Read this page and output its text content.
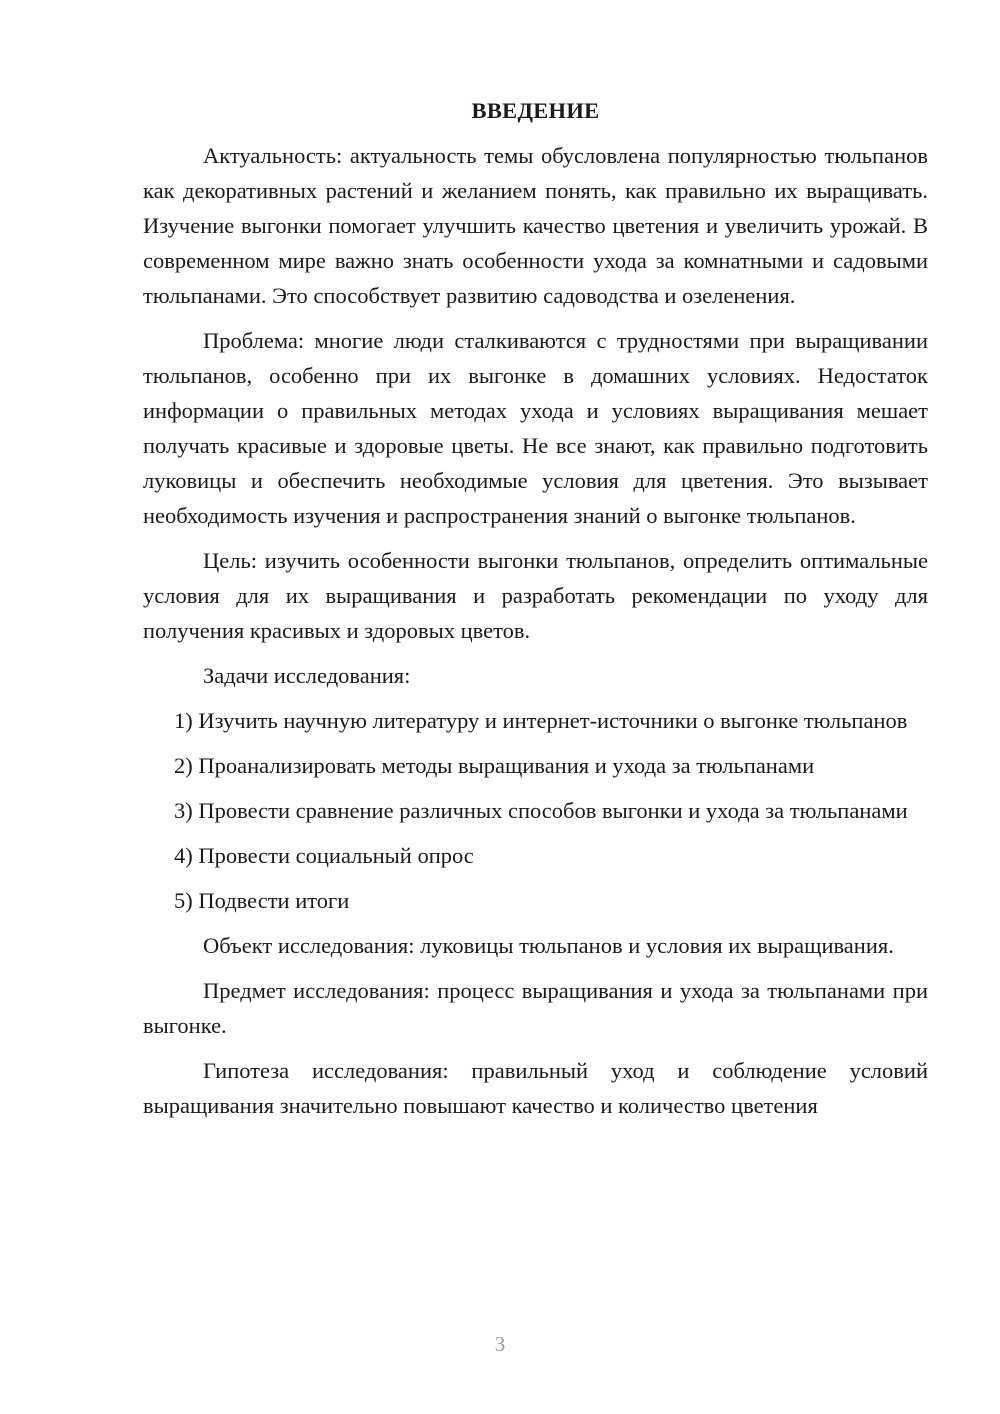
ВВЕДЕНИЕ

Актуальность: актуальность темы обусловлена популярностью тюльпанов как декоративных растений и желанием понять, как правильно их выращивать. Изучение выгонки помогает улучшить качество цветения и увеличить урожай. В современном мире важно знать особенности ухода за комнатными и садовыми тюльпанами. Это способствует развитию садоводства и озеленения.

Проблема: многие люди сталкиваются с трудностями при выращивании тюльпанов, особенно при их выгонке в домашних условиях. Недостаток информации о правильных методах ухода и условиях выращивания мешает получать красивые и здоровые цветы. Не все знают, как правильно подготовить луковицы и обеспечить необходимые условия для цветения. Это вызывает необходимость изучения и распространения знаний о выгонке тюльпанов.

Цель: изучить особенности выгонки тюльпанов, определить оптимальные условия для их выращивания и разработать рекомендации по уходу для получения красивых и здоровых цветов.

Задачи исследования:

1) Изучить научную литературу и интернет-источники о выгонке тюльпанов

2) Проанализировать методы выращивания и ухода за тюльпанами

3) Провести сравнение различных способов выгонки и ухода за тюльпанами

4) Провести социальный опрос

5) Подвести итоги

Объект исследования: луковицы тюльпанов и условия их выращивания.

Предмет исследования: процесс выращивания и ухода за тюльпанами при выгонке.

Гипотеза исследования: правильный уход и соблюдение условий выращивания значительно повышают качество и количество цветения

3
